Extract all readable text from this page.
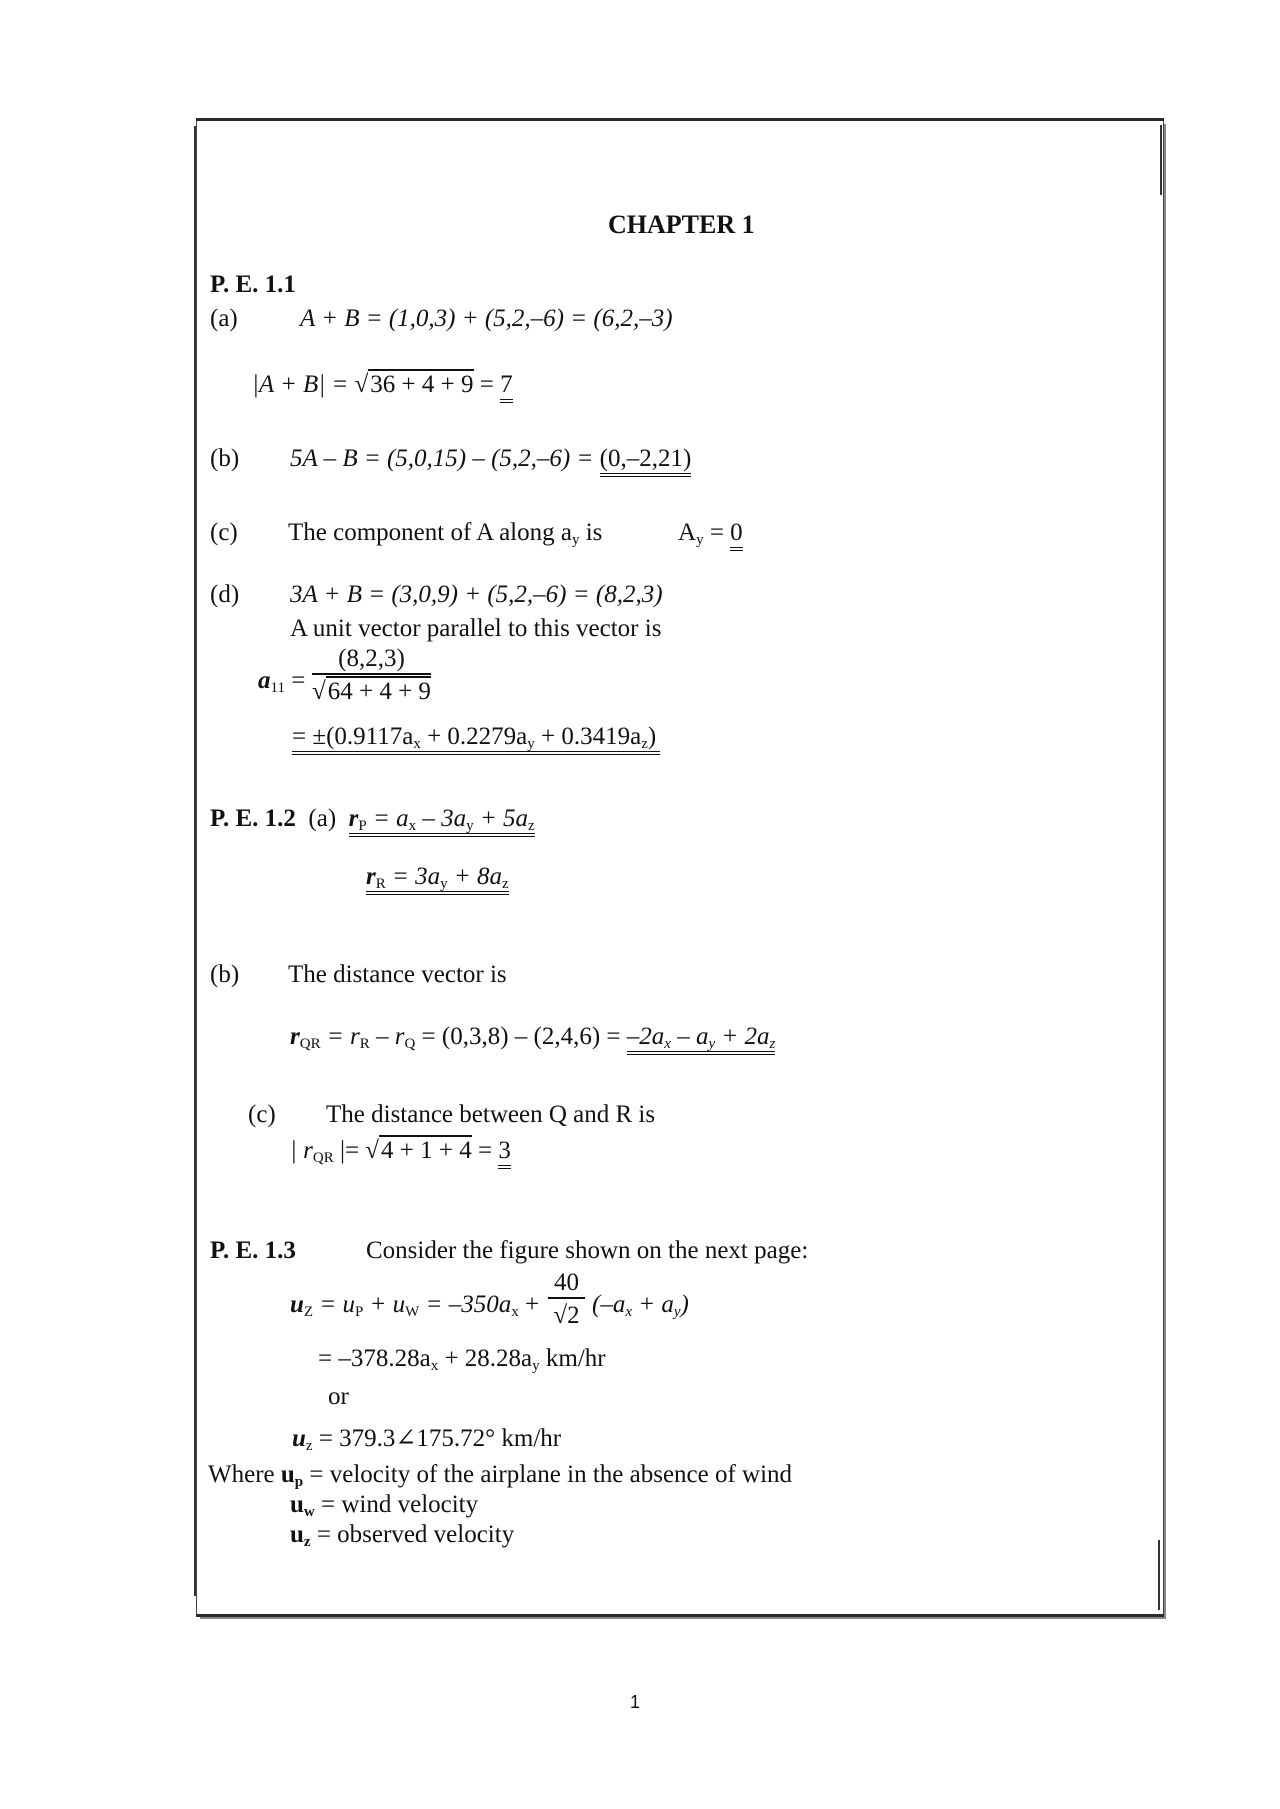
CHAPTER 1
P. E. 1.1
(a) A + B = (1,0,3) + (5,2,–6) = (6,2,–3)
|A + B| = √36 + 4 + 9 = 7
(b) 5A – B = (5,0,15) – (5,2,–6) = (0,–2,21)
(c) The component of A along $a_y$ is	$A_y = 0$
(d) 3A + B = (3,0,9) + (5,2,–6) = (8,2,3)
A unit vector parallel to this vector is
$a_{11} = \frac{(8,2,3)}{√64 + 4 + 9}$
= $\pm(0.9117a_x + 0.2279a_y + 0.3419a_z)$
P. E. 1.2 (a) $r_P = a_x - 3a_y + 5a_z$
$r_R = 3a_y + 8a_z$
(b) The distance vector is
$r_{QR} = r_R - r_Q = (0,3,8) - (2,4,6) = -2a_x - a_y + 2a_z$
(c) The distance between Q and R is
| $r_{QR}$ |= √4 + 1 + 4 = 3
P. E. 1.3	Consider the figure shown on the next page:
$u_Z = u_P + u_W = -350a_x + \frac{40}{√2} (-a_x + a_y)$
= $-378.28a_x + 28.28a_y$ km/hr
or
$u_z$ = 379.3∠175.72° km/hr
Where $u_p$ = velocity of the airplane in the absence of wind
$u_w$ = wind velocity
$u_z$ = observed velocity
1
